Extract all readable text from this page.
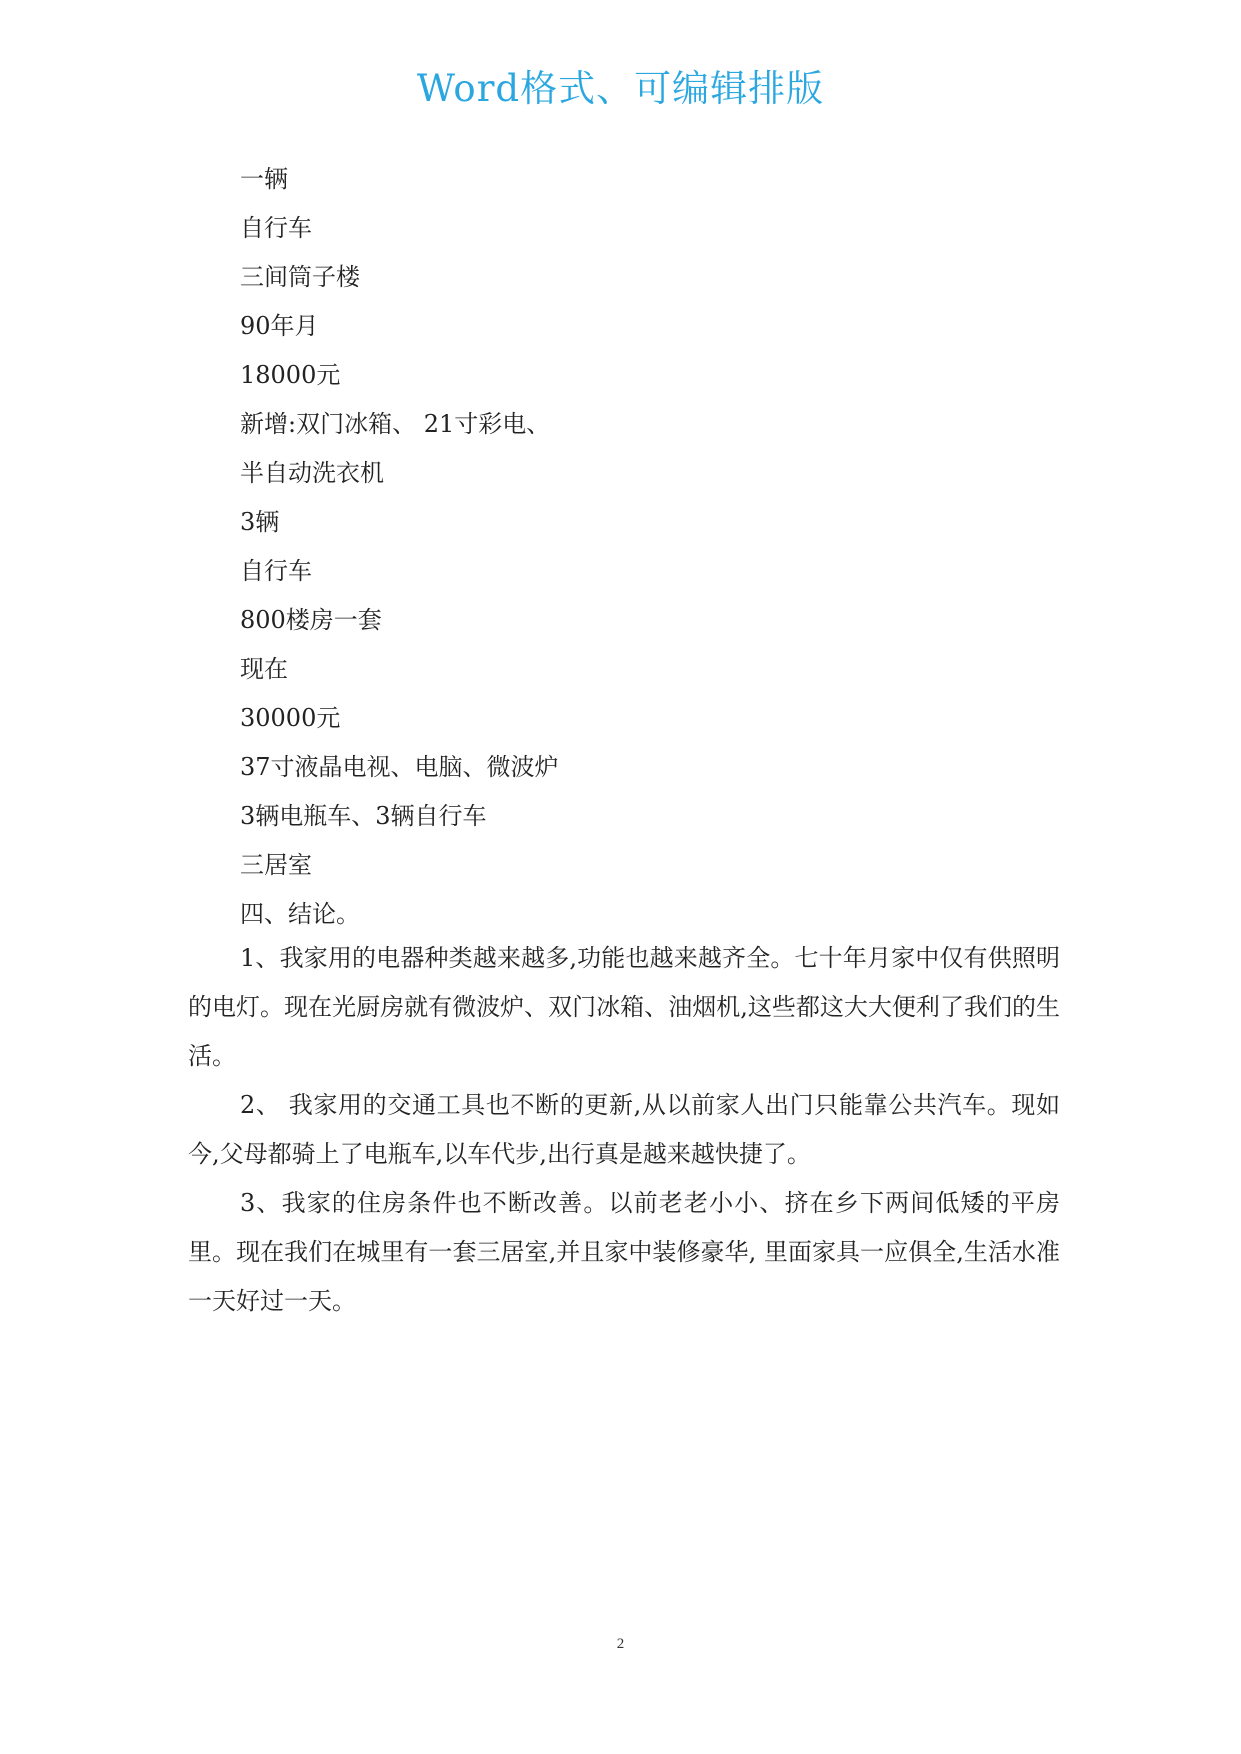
Word格式、可编辑排版
一辆
自行车
三间筒子楼
90年月
18000元
新增:双门冰箱、 21寸彩电、
半自动洗衣机
3辆
自行车
800楼房一套
现在
30000元
37寸液晶电视、电脑、微波炉
3辆电瓶车、3辆自行车
三居室
四、结论。

1、我家用的电器种类越来越多,功能也越来越齐全。七十年月家中仅有供照明的电灯。现在光厨房就有微波炉、双门冰箱、油烟机,这些都这大大便利了我们的生活。

2、 我家用的交通工具也不断的更新,从以前家人出门只能靠公共汽车。现如今,父母都骑上了电瓶车,以车代步,出行真是越来越快捷了。

3、我家的住房条件也不断改善。以前老老小小、挤在乡下两间低矮的平房里。现在我们在城里有一套三居室,并且家中装修豪华, 里面家具一应俱全,生活水准一天好过一天。

2
